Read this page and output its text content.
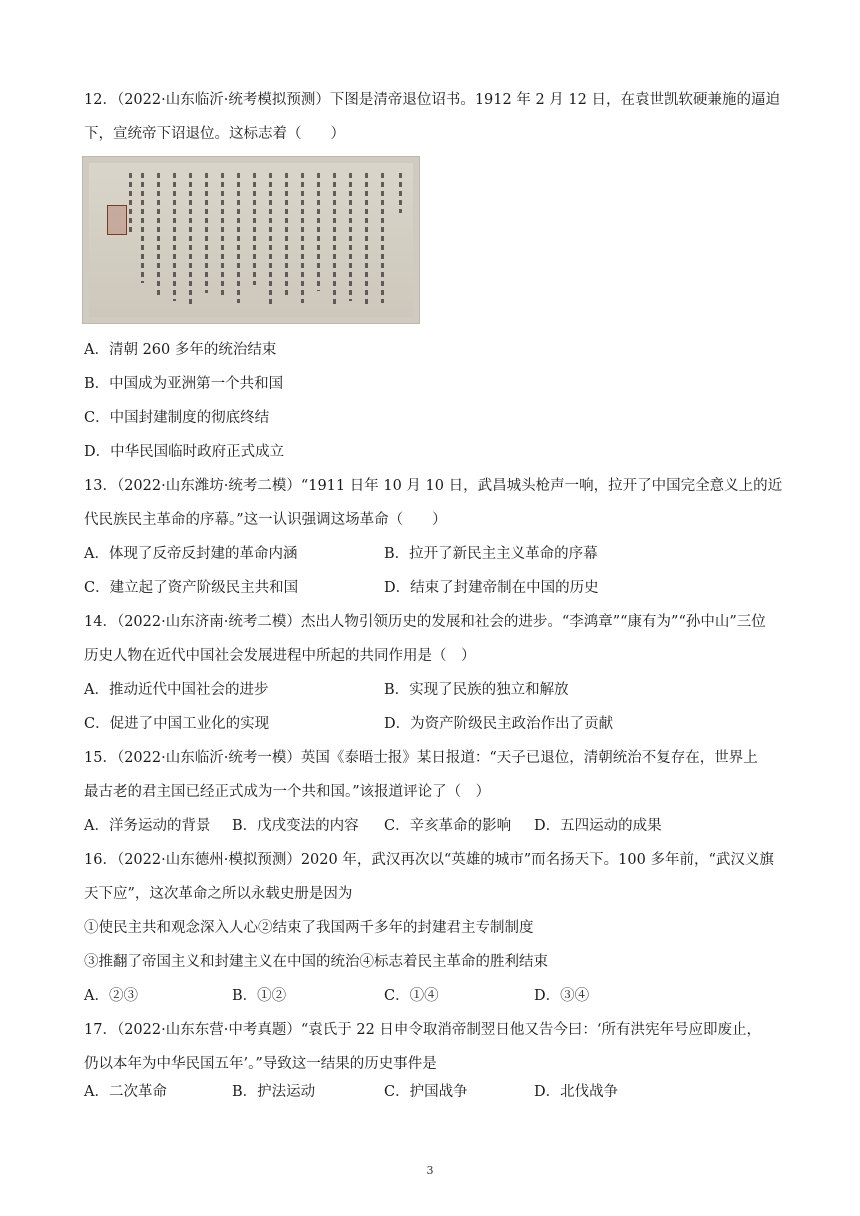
12．（2022·山东临沂·统考模拟预测）下图是清帝退位诏书。1912 年 2 月 12 日，在袁世凯软硬兼施的逼迫
下，宣统帝下诏退位。这标志着（　　）
A．清朝 260 多年的统治结束
B．中国成为亚洲第一个共和国
C．中国封建制度的彻底终结
D．中华民国临时政府正式成立
13．（2022·山东潍坊·统考二模）“1911 日年 10 月 10 日，武昌城头枪声一响，拉开了中国完全意义上的近
代民族民主革命的序幕。”这一认识强调这场革命（　　）
A．体现了反帝反封建的革命内涵	B．拉开了新民主主义革命的序幕
C．建立起了资产阶级民主共和国	D．结束了封建帝制在中国的历史
14．（2022·山东济南·统考二模）杰出人物引领历史的发展和社会的进步。“李鸿章”“康有为”“孙中山”三位
历史人物在近代中国社会发展进程中所起的共同作用是（　）
A．推动近代中国社会的进步	B．实现了民族的独立和解放
C．促进了中国工业化的实现	D．为资产阶级民主政治作出了贡献
15．（2022·山东临沂·统考一模）英国《泰晤士报》某日报道：“天子已退位，清朝统治不复存在，世界上
最古老的君主国已经正式成为一个共和国。”该报道评论了（　）
A．洋务运动的背景 B．戊戌变法的内容 C．辛亥革命的影响 D．五四运动的成果
16．（2022·山东德州·模拟预测）2020 年，武汉再次以“英雄的城市”而名扬天下。100 多年前，“武汉义旗
天下应”，这次革命之所以永载史册是因为
①使民主共和观念深入人心②结束了我国两千多年的封建君主专制制度
③推翻了帝国主义和封建主义在中国的统治④标志着民主革命的胜利结束
A．②③	B．①②	C．①④	D．③④
17．（2022·山东东营·中考真题）“袁氏于 22 日申令取消帝制翌日他又告今曰：‘所有洪宪年号应即废止，
仍以本年为中华民国五年’。”导致这一结果的历史事件是
A．二次革命	B．护法运动	C．护国战争	D．北伐战争
3
